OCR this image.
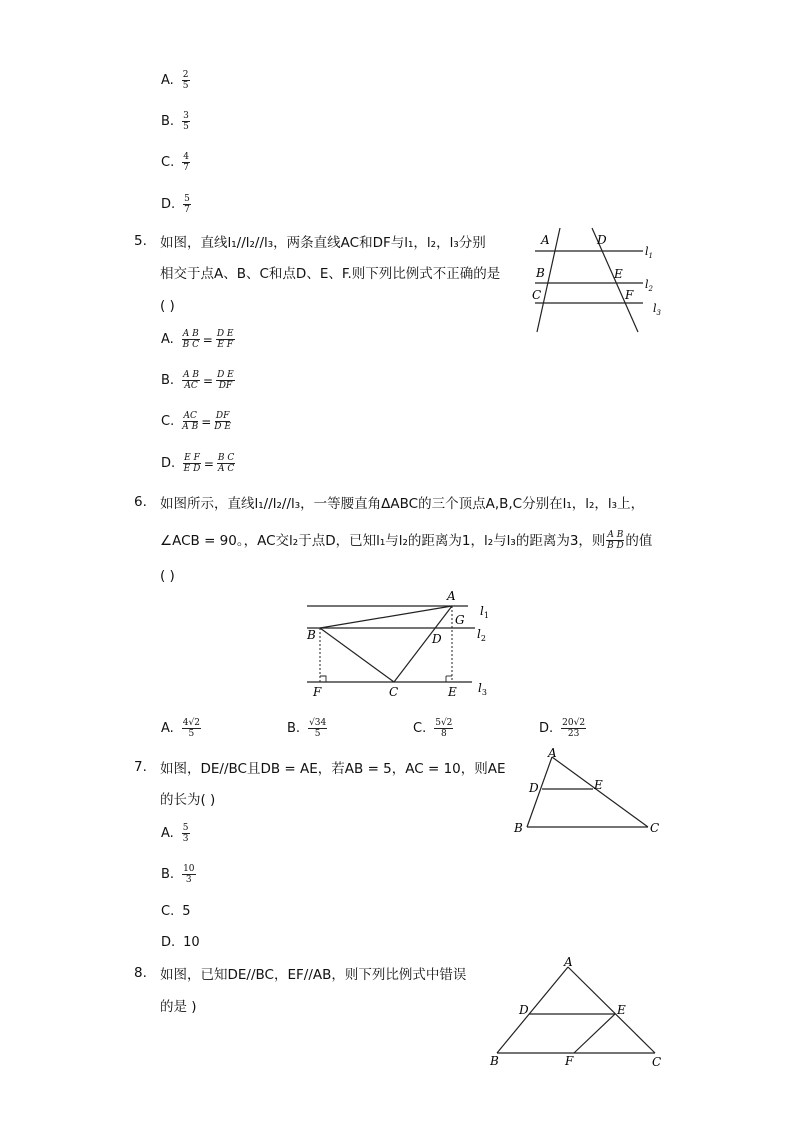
A. $\frac{2}{5}$
B. $\frac{3}{5}$
C. $\frac{4}{7}$
D. $\frac{5}{7}$
5. 如图，直线l₁//l₂//l₃，两条直线AC和DF与l₁，l₂，l₃分别
相交于点A、B、C和点D、E、F.则下列比例式不正确的是
( )
A	D
B	E
C	F
$l_1$
$l_2$
$l_3$
A. $\frac{\text{A B}}{\text{B C}} = \frac{\text{D E}}{\text{E F}}$
B. $\frac{\text{A B}}{AC} = \frac{\text{D E}}{DF}$
C. $\frac{AC}{\text{A B}} = \frac{DF}{\text{D E}}$
D. $\frac{\text{E F}}{\text{E D}} = \frac{\text{B C}}{\text{A C}}$
6. 如图所示，直线l₁//l₂//l₃，一等腰直角ΔABC的三个顶点A,B,C分别在l₁，l₂，l₃上，
∠ACB = 90。，AC交l₂于点D，已知l₁与l₂的距离为1，l₂与l₃的距离为3，则 $\frac{\text{A B}}{\text{B D}}$ 的值
( )
A
B	D
G
F	C	E
$l_1$
$l_2$
$l_3$
A. $\frac{4√2}{5}$	B. $\frac{√34}{5}$	C. $\frac{5√2}{8}$	D. $\frac{20√2}{23}$
7. 如图，DE//BC且DB = AE，若AB = 5，AC = 10，则AE
的长为( )
A
D	E
B	C
A. $\frac{5}{3}$
B. $\frac{10}{3}$
C. 5
D. 10
8. 如图，已知DE//BC，EF//AB，则下列比例式中错误
的是 )
A
D	E
B	F	C
